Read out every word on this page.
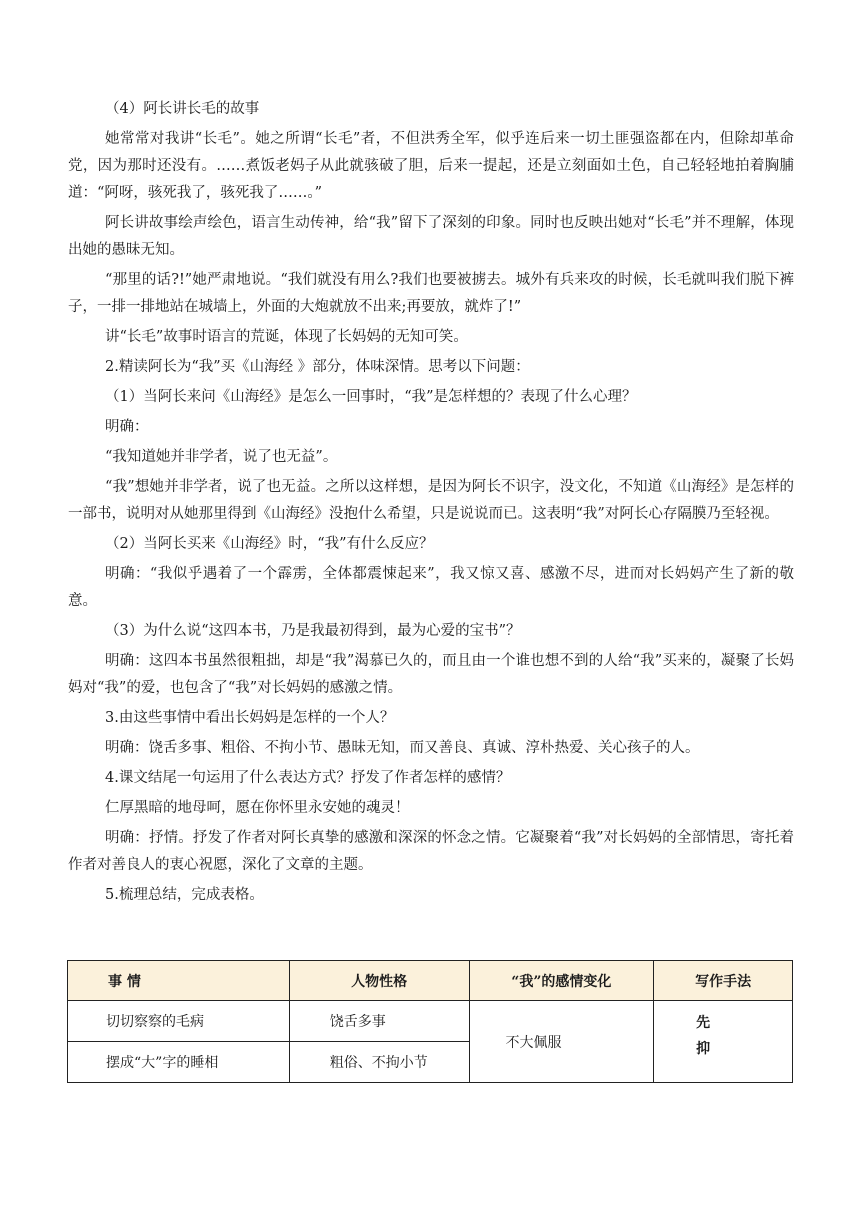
（4）阿长讲长毛的故事

她常常对我讲“长毛”。她之所谓“长毛”者，不但洪秀全军，似乎连后来一切土匪强盗都在内，但除却革命党，因为那时还没有。……煮饭老妈子从此就骇破了胆，后来一提起，还是立刻面如土色，自己轻轻地拍着胸脯道：“阿呀，骇死我了，骇死我了……。”

阿长讲故事绘声绘色，语言生动传神，给“我”留下了深刻的印象。同时也反映出她对“长毛”并不理解，体现出她的愚昧无知。

“那里的话?!”她严肃地说。“我们就没有用么?我们也要被掳去。城外有兵来攻的时候，长毛就叫我们脱下裤子，一排一排地站在城墙上，外面的大炮就放不出来;再要放，就炸了!”

讲“长毛”故事时语言的荒诞，体现了长妈妈的无知可笑。

2.精读阿长为“我”买《山海经 》部分，体味深情。思考以下问题：

（1）当阿长来问《山海经》是怎么一回事时，“我”是怎样想的？表现了什么心理？

明确：

“我知道她并非学者，说了也无益”。

“我”想她并非学者，说了也无益。之所以这样想，是因为阿长不识字，没文化，不知道《山海经》是怎样的一部书，说明对从她那里得到《山海经》没抱什么希望，只是说说而已。这表明“我”对阿长心存隔膜乃至轻视。

（2）当阿长买来《山海经》时，“我”有什么反应？

明确：“我似乎遇着了一个霹雳，全体都震悚起来”，我又惊又喜、感激不尽，进而对长妈妈产生了新的敬意。

（3）为什么说“这四本书，乃是我最初得到，最为心爱的宝书”？

明确：这四本书虽然很粗拙，却是“我”渴慕已久的，而且由一个谁也想不到的人给“我”买来的，凝聚了长妈妈对“我”的爱，也包含了“我”对长妈妈的感激之情。

3.由这些事情中看出长妈妈是怎样的一个人？

明确：饶舌多事、粗俗、不拘小节、愚昧无知，而又善良、真诚、淳朴热爱、关心孩子的人。

4.课文结尾一句运用了什么表达方式？抒发了作者怎样的感情？

仁厚黑暗的地母呵，愿在你怀里永安她的魂灵！

明确：抒情。抒发了作者对阿长真挚的感激和深深的怀念之情。它凝聚着“我”对长妈妈的全部情思，寄托着作者对善良人的衷心祝愿，深化了文章的主题。

5.梳理总结，完成表格。

事 情	人物性格	“我”的感情变化	写作手法
切切察察的毛病	饶舌多事	不大佩服	先
抑

摆成“大”字的睡相	粗俗、不拘小节		
